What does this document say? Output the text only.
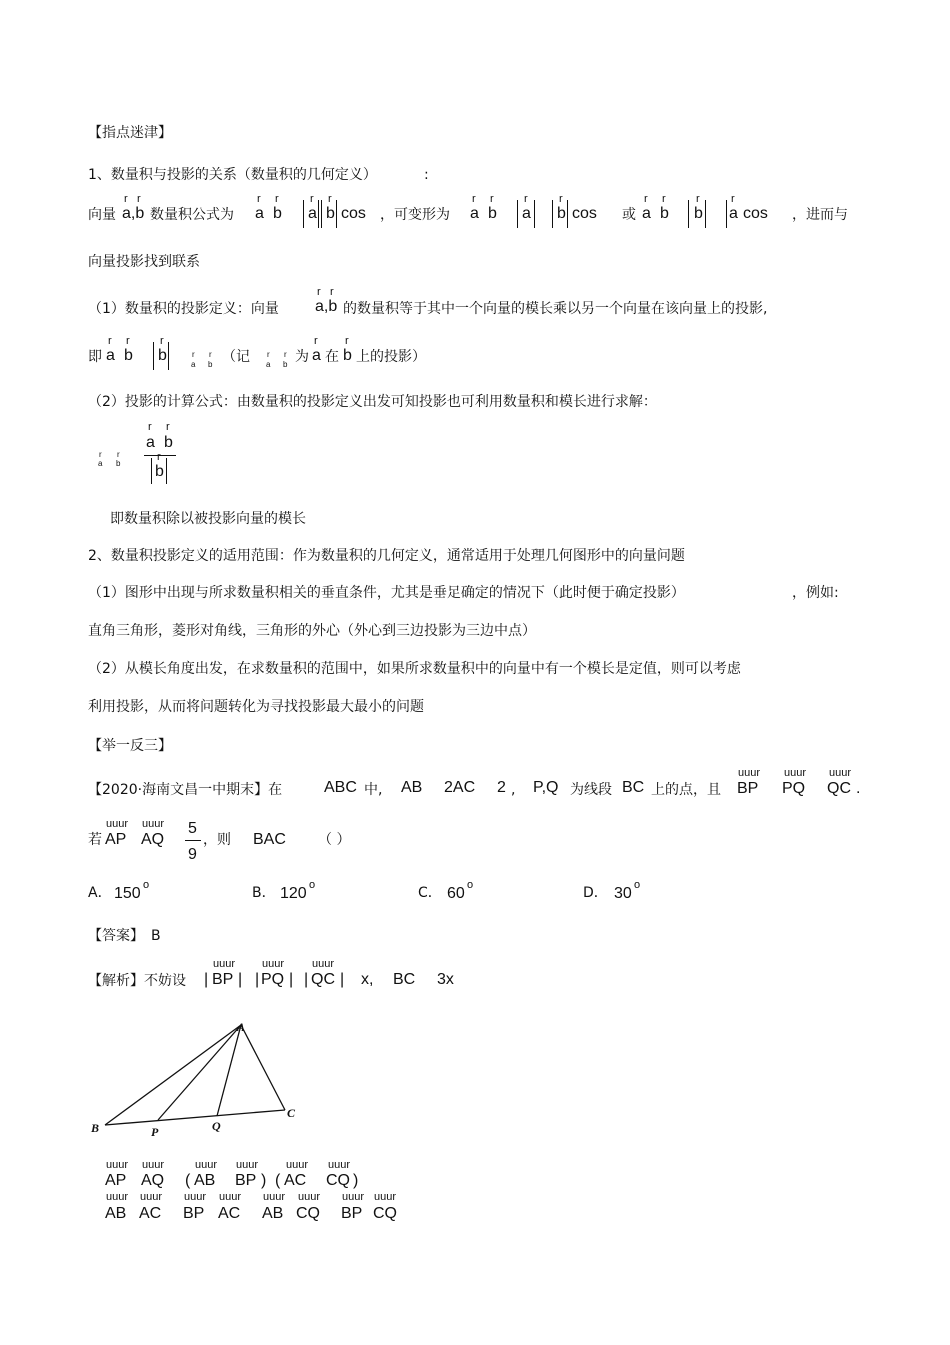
【指点迷津】
1、数量积与投影的关系（数量积的几何定义）	:
向量
r r
a,b 数量积公式为
r r
a b
r
a
r
b cos ，可变形为
r r
a b
r
a
r
b cos 或
r r
a b
r
b
r
a cos ，进而与
向量投影找到联系
（1）数量积的投影定义：向量
r r
a,b 的数量积等于其中一个向量的模长乘以另一个向量在该向量上的投影,
即
r r
a b
r
b	r r
a b （记 r r
a b 为
r
a 在
r
b 上的投影）
（2）投影的计算公式：由数量积的投影定义出发可知投影也可利用数量积和模长进行求解：
r r
a b
r r
a b
r
b
即数量积除以被投影向量的模长
2、数量积投影定义的适用范围：作为数量积的几何定义，通常适用于处理几何图形中的向量问题
（1）图形中出现与所求数量积相关的垂直条件，尤其是垂足确定的情况下（此时便于确定投影）	，例如:
直角三角形，菱形对角线，三角形的外心（外心到三边投影为三边中点）
（2）从模长角度出发，在求数量积的范围中，如果所求数量积中的向量中有一个模长是定值，则可以考虑
利用投影，从而将问题转化为寻找投影最大最小的问题
【举一反三】
【2020·海南文昌一中期末】在	ABC 中, AB 2AC 2 , P,Q 为线段 BC 上的点，且
uuur
BP
uuur
PQ
uuur
QC .
若
uuur
AP
uuur
AQ
5
9
，则 BAC （ ）
A． 150 o	B． 120 o	C． 60 o	D． 30 o
【答案】 B
【解析】 不妨设 |
uuur
BP | |
uuur
PQ | |
uuur
QC | x, BC 3x
A
B
C
P	Q
uuur
AP
uuur
AQ (
uuur
AB
uuur
BP ) (
uuur
AC
uuur
CQ )
uuur
AB
uuur
AC
uuur
BP
uuur
AC
uuur
AB
uuur
CQ
uuur
BP
uuur
CQ
